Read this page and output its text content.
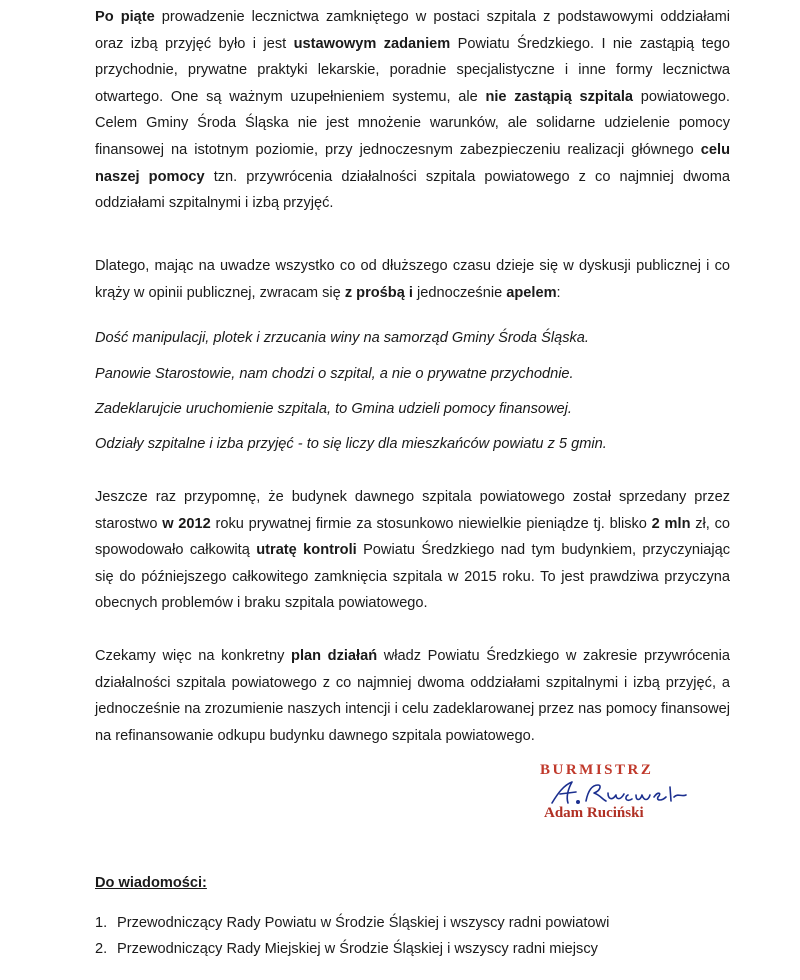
Po piąte prowadzenie lecznictwa zamkniętego w postaci szpitala z podstawowymi oddziałami oraz izbą przyjęć było i jest ustawowym zadaniem Powiatu Średzkiego. I nie zastąpią tego przychodnie, prywatne praktyki lekarskie, poradnie specjalistyczne i inne formy lecznictwa otwartego. One są ważnym uzupełnieniem systemu, ale nie zastąpią szpitala powiatowego. Celem Gminy Środa Śląska nie jest mnożenie warunków, ale solidarne udzielenie pomocy finansowej na istotnym poziomie, przy jednoczesnym zabezpieczeniu realizacji głównego celu naszej pomocy tzn. przywrócenia działalności szpitala powiatowego z co najmniej dwoma oddziałami szpitalnymi i izbą przyjęć.

Dlatego, mając na uwadze wszystko co od dłuższego czasu dzieje się w dyskusji publicznej i co krąży w opinii publicznej, zwracam się z prośbą i jednocześnie apelem:

Dość manipulacji, plotek i zrzucania winy na samorząd Gminy Środa Śląska.

Panowie Starostowie, nam chodzi o szpital, a nie o prywatne przychodnie.

Zadeklarujcie uruchomienie szpitala, to Gmina udzieli pomocy finansowej.

Odziały szpitalne i izba przyjęć - to się liczy dla mieszkańców powiatu z 5 gmin.

Jeszcze raz przypomnę, że budynek dawnego szpitala powiatowego został sprzedany przez starostwo w 2012 roku prywatnej firmie za stosunkowo niewielkie pieniądze tj. blisko 2 mln zł, co spowodowało całkowitą utratę kontroli Powiatu Średzkiego nad tym budynkiem, przyczyniając się do późniejszego całkowitego zamknięcia szpitala w 2015 roku. To jest prawdziwa przyczyna obecnych problemów i braku szpitala powiatowego.

Czekamy więc na konkretny plan działań władz Powiatu Średzkiego w zakresie przywrócenia działalności szpitala powiatowego z co najmniej dwoma oddziałami szpitalnymi i izbą przyjęć, a jednocześnie na zrozumienie naszych intencji i celu zadeklarowanej przez nas pomocy finansowej na refinansowanie odkupu budynku dawnego szpitala powiatowego.

BURMISTRZ
Adam Ruciński

Do wiadomości:

1. Przewodniczący Rady Powiatu w Środzie Śląskiej i wszyscy radni powiatowi
2. Przewodniczący Rady Miejskiej w Środzie Śląskiej i wszyscy radni miejscy
